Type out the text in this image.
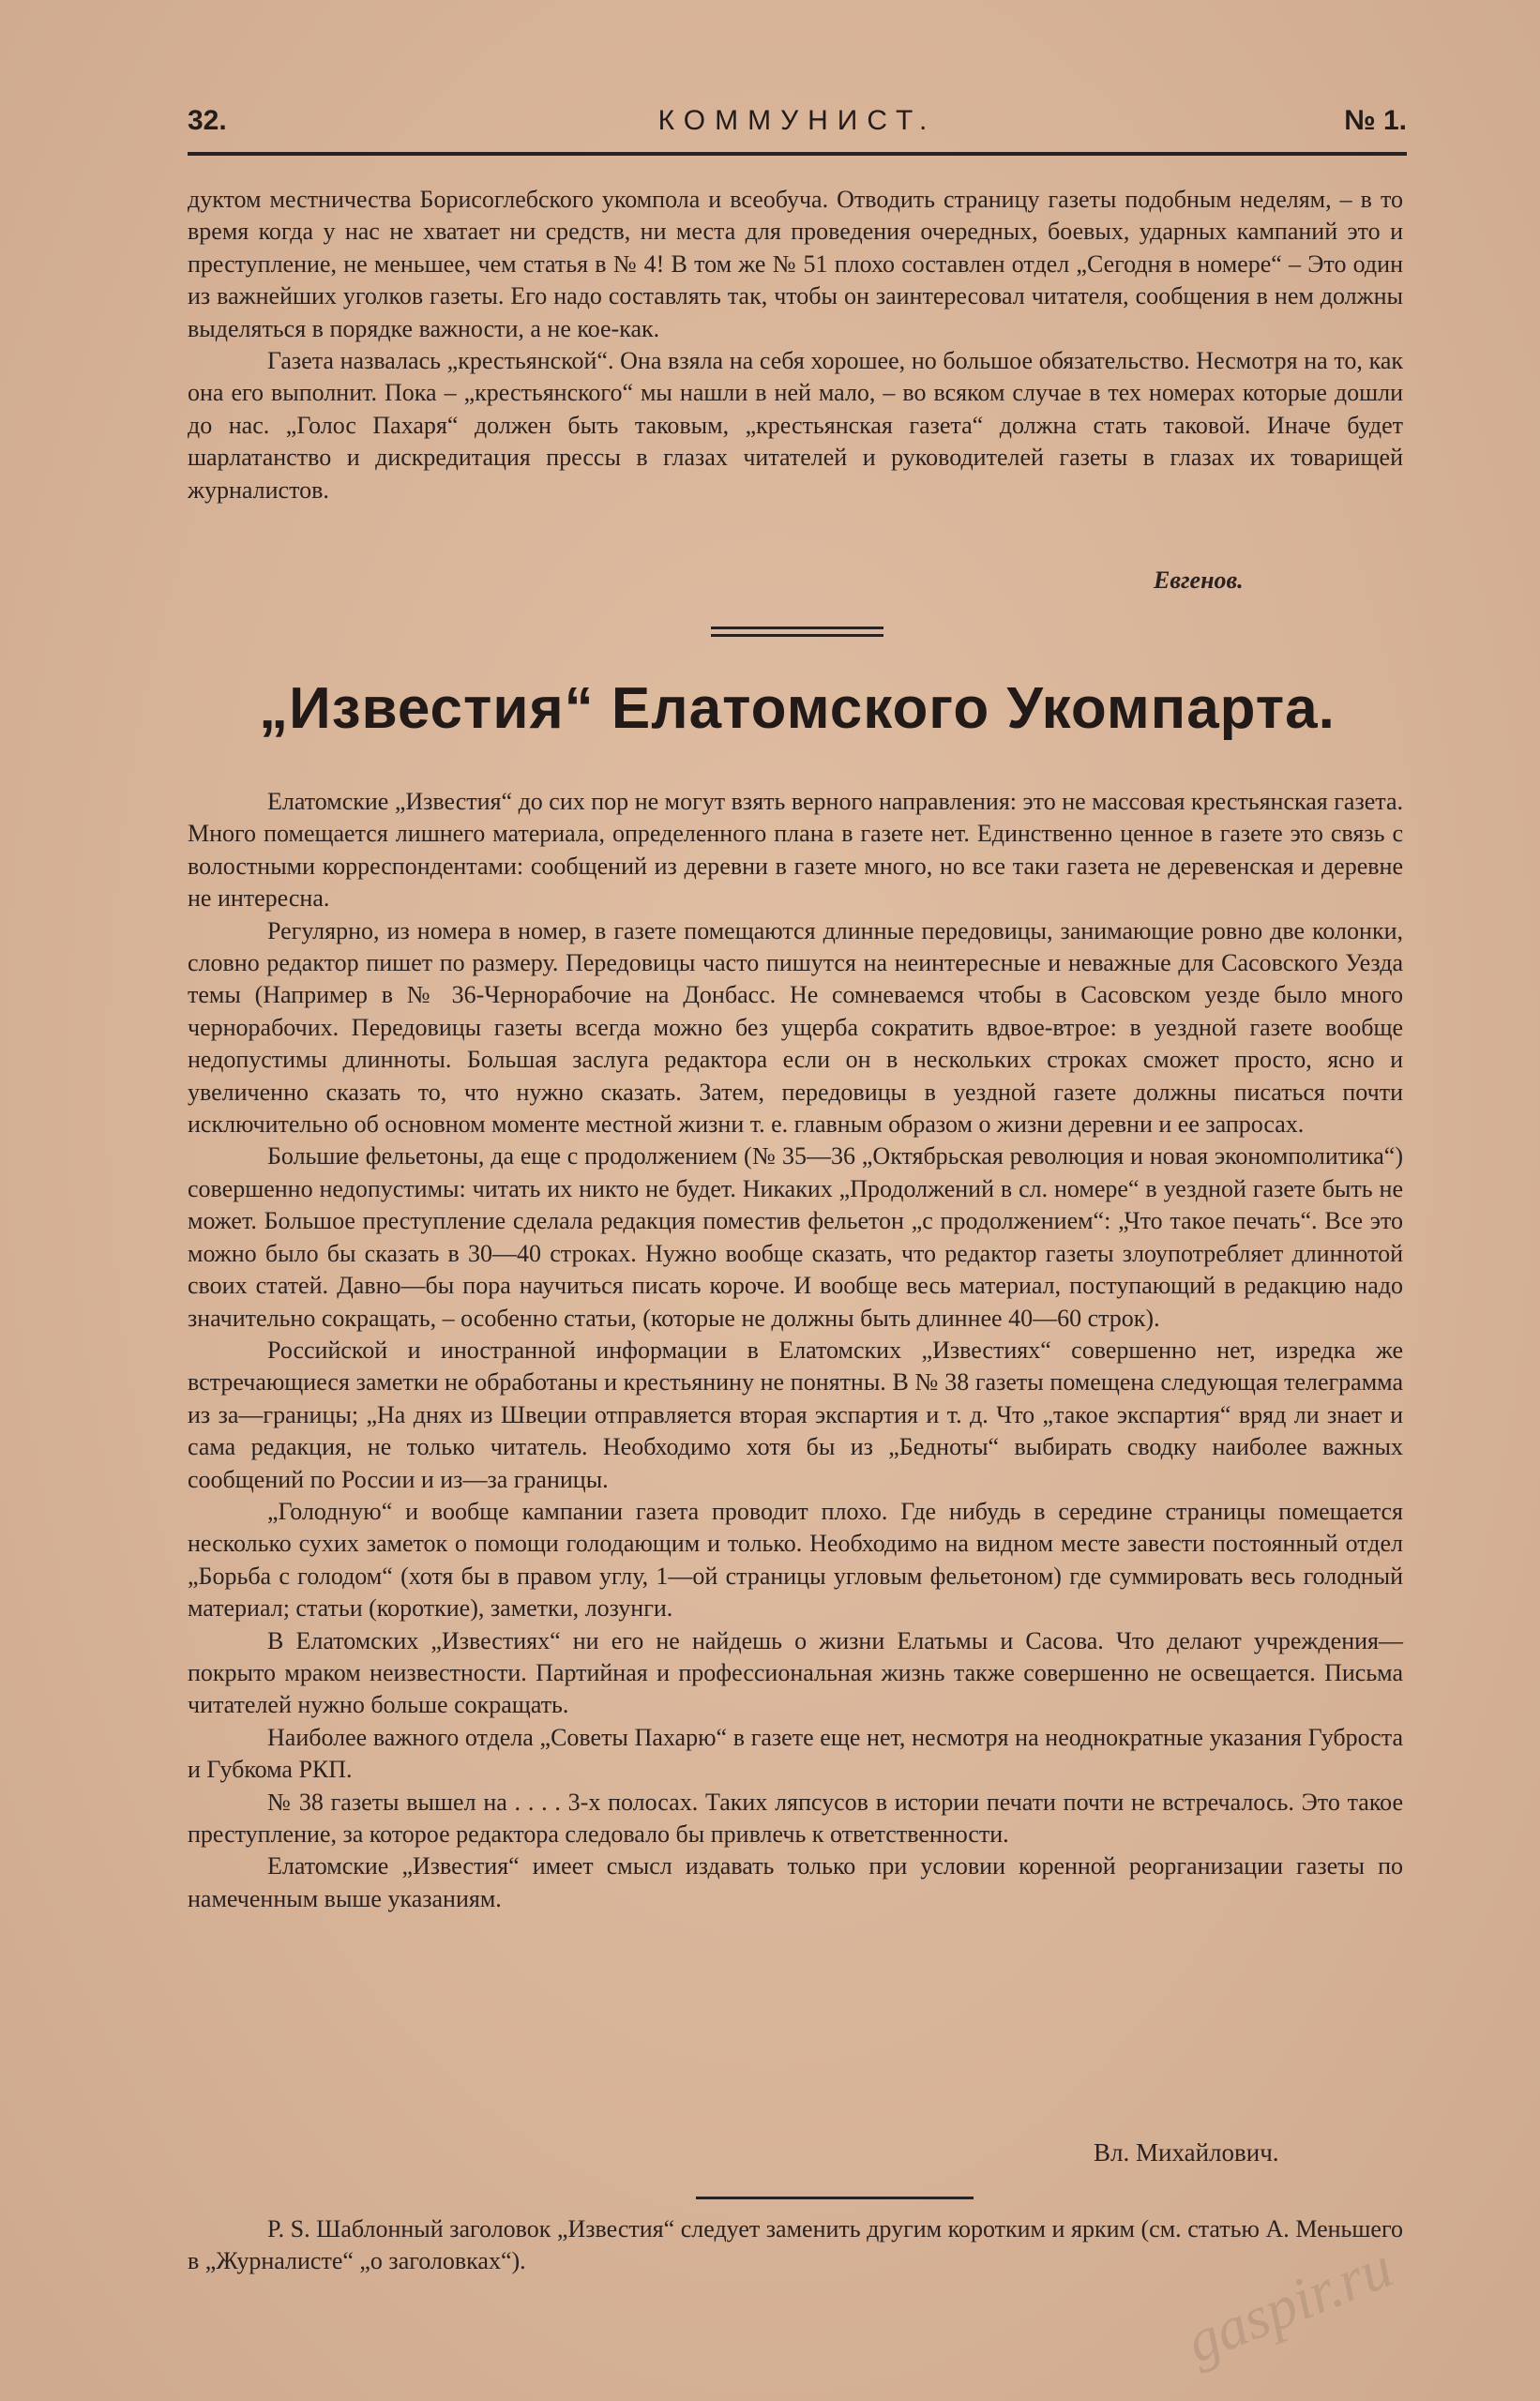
32.	КОММУНИСТ.	№ 1.

дуктом местничества Борисоглебского укомпола и всеобуча. Отводить страницу газеты подобным неделям, – в то время когда у нас не хватает ни средств, ни места для проведения очередных, боевых, ударных кампаний это и преступление, не меньшее, чем статья в № 4! В том же № 51 плохо составлен отдел „Сегодня в номере“ – Это один из важнейших уголков газеты. Его надо составлять так, чтобы он заинтересовал читателя, сообщения в нем должны выделяться в порядке важности, а не кое-как.

Газета назвалась „крестьянской“. Она взяла на себя хорошее, но большое обязательство. Несмотря на то, как она его выполнит. Пока – „крестьянского“ мы нашли в ней мало, – во всяком случае в тех номерах которые дошли до нас. „Голос Пахаря“ должен быть таковым, „крестьянская газета“ должна стать таковой. Иначе будет шарлатанство и дискредитация прессы в глазах читателей и руководителей газеты в глазах их товарищей журналистов.

Евгенов.
„Известия“ Елатомского Укомпарта.

Елатомские „Известия“ до сих пор не могут взять верного направления: это не массовая крестьянская газета. Много помещается лишнего материала, определенного плана в газете нет. Единственно ценное в газете это связь с волостными корреспондентами: сообщений из деревни в газете много, но все таки газета не деревенская и деревне не интересна.

Регулярно, из номера в номер, в газете помещаются длинные передовицы, занимающие ровно две колонки, словно редактор пишет по размеру. Передовицы часто пишутся на неинтересные и неважные для Сасовского Уезда темы (Например в № 36-Чернорабочие на Донбасс. Не сомневаемся чтобы в Сасовском уезде было много чернорабочих. Передовицы газеты всегда можно без ущерба сократить вдвое-втрое: в уездной газете вообще недопустимы длинноты. Большая заслуга редактора если он в нескольких строках сможет просто, ясно и увеличенно сказать то, что нужно сказать. Затем, передовицы в уездной газете должны писаться почти исключительно об основном моменте местной жизни т. е. главным образом о жизни деревни и ее запросах.

Большие фельетоны, да еще с продолжением (№ 35—36 „Октябрьская революция и новая экономполитика“) совершенно недопустимы: читать их никто не будет. Никаких „Продолжений в сл. номере“ в уездной газете быть не может. Большое преступление сделала редакция поместив фельетон „с продолжением“: „Что такое печать“. Все это можно было бы сказать в 30—40 строках. Нужно вообще сказать, что редактор газеты злоупотребляет длиннотой своих статей. Давно—бы пора научиться писать короче. И вообще весь материал, поступающий в редакцию надо значительно сокращать, – особенно статьи, (которые не должны быть длиннее 40—60 строк).

Российской и иностранной информации в Елатомских „Известиях“ совершенно нет, изредка же встречающиеся заметки не обработаны и крестьянину не понятны. В № 38 газеты помещена следующая телеграмма из за—границы; „На днях из Швеции отправляется вторая экспартия и т. д. Что „такое экспартия“ вряд ли знает и сама редакция, не только читатель. Необходимо хотя бы из „Бедноты“ выбирать сводку наиболее важных сообщений по России и из—за границы.

„Голодную“ и вообще кампании газета проводит плохо. Где нибудь в середине страницы помещается несколько сухих заметок о помощи голодающим и только. Необходимо на видном месте завести постоянный отдел „Борьба с голодом“ (хотя бы в правом углу, 1—ой страницы угловым фельетоном) где суммировать весь голодный материал; статьи (короткие), заметки, лозунги.

В Елатомских „Известиях“ ни его не найдешь о жизни Елатьмы и Сасова. Что делают учреждения—покрыто мраком неизвестности. Партийная и профессиональная жизнь также совершенно не освещается. Письма читателей нужно больше сокращать.

Наиболее важного отдела „Советы Пахарю“ в газете еще нет, несмотря на неоднократные указания Губроста и Губкома РКП.

№ 38 газеты вышел на . . . . 3-х полосах. Таких ляпсусов в истории печати почти не встречалось. Это такое преступление, за которое редактора следовало бы привлечь к ответственности.

Елатомские „Известия“ имеет смысл издавать только при условии коренной реорганизации газеты по намеченным выше указаниям.

Вл. Михайлович.

P. S. Шаблонный заголовок „Известия“ следует заменить другим коротким и ярким (см. статью А. Меньшего в „Журналисте“ „о заголовках“).	gaspir.ru
